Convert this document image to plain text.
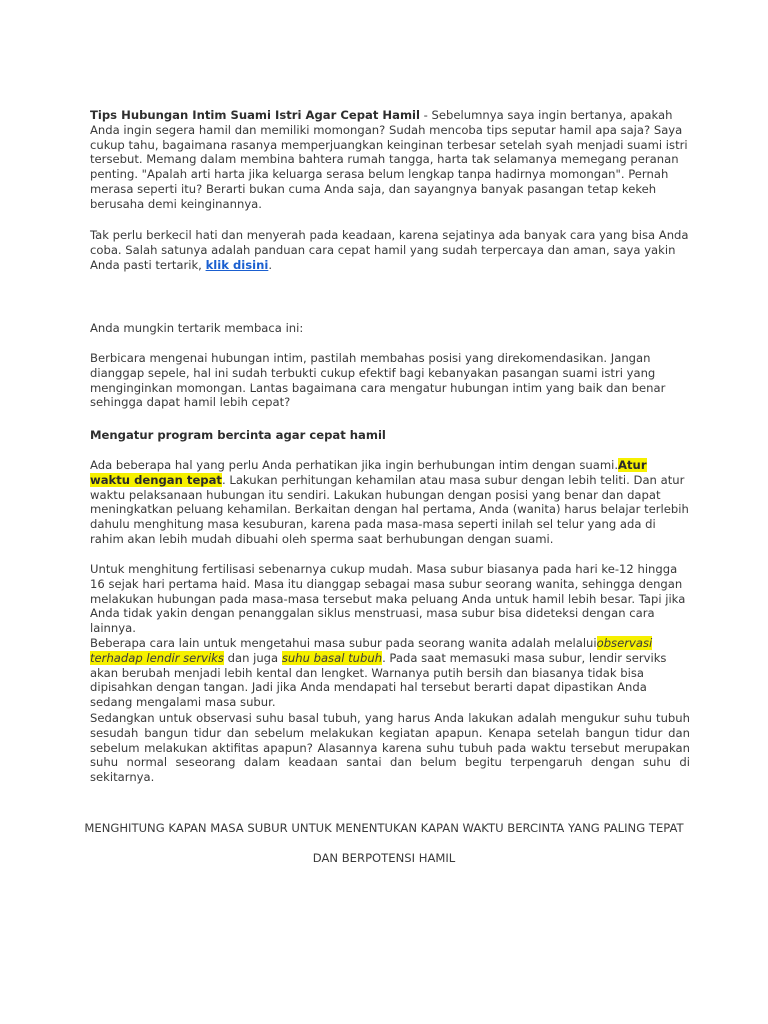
Tips Hubungan Intim Suami Istri Agar Cepat Hamil - Sebelumnya saya ingin bertanya, apakah Anda ingin segera hamil dan memiliki momongan? Sudah mencoba tips seputar hamil apa saja? Saya cukup tahu, bagaimana rasanya memperjuangkan keinginan terbesar setelah syah menjadi suami istri tersebut. Memang dalam membina bahtera rumah tangga, harta tak selamanya memegang peranan penting. "Apalah arti harta jika keluarga serasa belum lengkap tanpa hadirnya momongan". Pernah merasa seperti itu? Berarti bukan cuma Anda saja, dan sayangnya banyak pasangan tetap kekeh berusaha demi keinginannya.

Tak perlu berkecil hati dan menyerah pada keadaan, karena sejatinya ada banyak cara yang bisa Anda coba. Salah satunya adalah panduan cara cepat hamil yang sudah terpercaya dan aman, saya yakin Anda pasti tertarik, klik disini.

Anda mungkin tertarik membaca ini:

Berbicara mengenai hubungan intim, pastilah membahas posisi yang direkomendasikan. Jangan dianggap sepele, hal ini sudah terbukti cukup efektif bagi kebanyakan pasangan suami istri yang menginginkan momongan. Lantas bagaimana cara mengatur hubungan intim yang baik dan benar sehingga dapat hamil lebih cepat?

Mengatur program bercinta agar cepat hamil

Ada beberapa hal yang perlu Anda perhatikan jika ingin berhubungan intim dengan suami.Atur waktu dengan tepat. Lakukan perhitungan kehamilan atau masa subur dengan lebih teliti. Dan atur waktu pelaksanaan hubungan itu sendiri. Lakukan hubungan dengan posisi yang benar dan dapat meningkatkan peluang kehamilan. Berkaitan dengan hal pertama, Anda (wanita) harus belajar terlebih dahulu menghitung masa kesuburan, karena pada masa-masa seperti inilah sel telur yang ada di rahim akan lebih mudah dibuahi oleh sperma saat berhubungan dengan suami.

Untuk menghitung fertilisasi sebenarnya cukup mudah. Masa subur biasanya pada hari ke-12 hingga 16 sejak hari pertama haid. Masa itu dianggap sebagai masa subur seorang wanita, sehingga dengan melakukan hubungan pada masa-masa tersebut maka peluang Anda untuk hamil lebih besar. Tapi jika Anda tidak yakin dengan penanggalan siklus menstruasi, masa subur bisa dideteksi dengan cara lainnya.

Beberapa cara lain untuk mengetahui masa subur pada seorang wanita adalah melaluiobservasi terhadap lendir serviks dan juga suhu basal tubuh. Pada saat memasuki masa subur, lendir serviks akan berubah menjadi lebih kental dan lengket. Warnanya putih bersih dan biasanya tidak bisa dipisahkan dengan tangan. Jadi jika Anda mendapati hal tersebut berarti dapat dipastikan Anda sedang mengalami masa subur.

Sedangkan untuk observasi suhu basal tubuh, yang harus Anda lakukan adalah mengukur suhu tubuh sesudah bangun tidur dan sebelum melakukan kegiatan apapun. Kenapa setelah bangun tidur dan sebelum melakukan aktifitas apapun? Alasannya karena suhu tubuh pada waktu tersebut merupakan suhu normal seseorang dalam keadaan santai dan belum begitu terpengaruh dengan suhu di sekitarnya.

MENGHITUNG KAPAN MASA SUBUR UNTUK MENENTUKAN KAPAN WAKTU BERCINTA YANG PALING TEPAT

DAN BERPOTENSI HAMIL
